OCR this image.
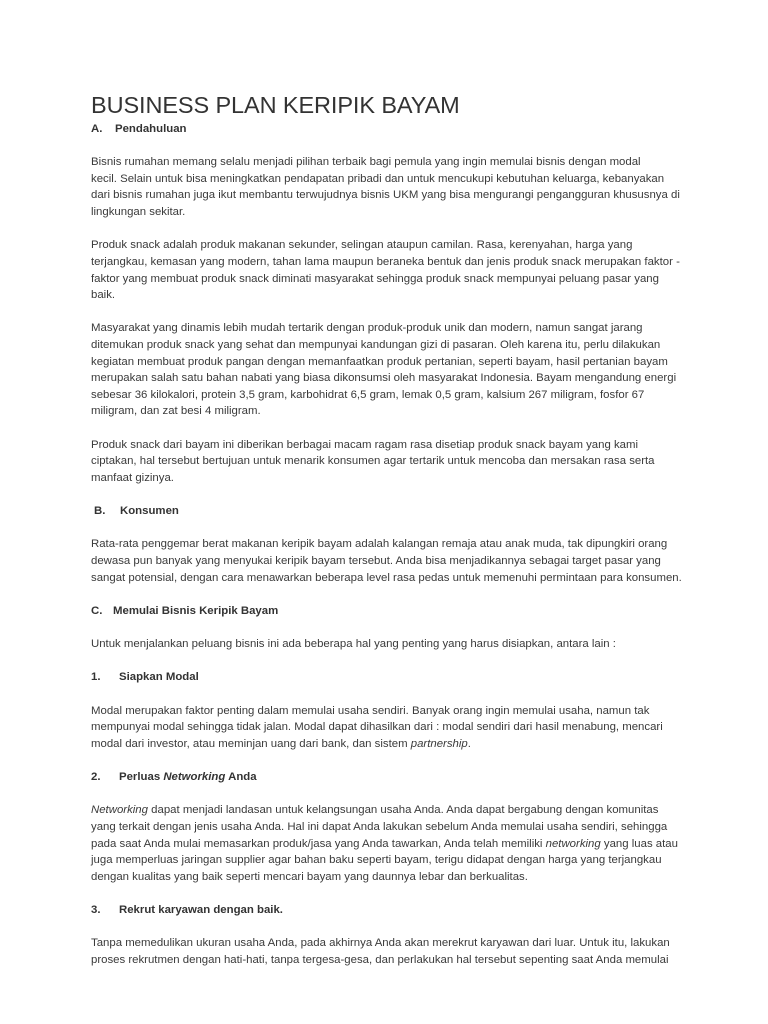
BUSINESS PLAN KERIPIK BAYAM

A. Pendahuluan

Bisnis rumahan memang selalu menjadi pilihan terbaik bagi pemula yang ingin memulai bisnis dengan modal
kecil. Selain untuk bisa meningkatkan pendapatan pribadi dan untuk mencukupi kebutuhan keluarga, kebanyakan
dari bisnis rumahan juga ikut membantu terwujudnya bisnis UKM yang bisa mengurangi pengangguran khususnya di
lingkungan sekitar.

Produk snack adalah produk makanan sekunder, selingan ataupun camilan. Rasa, kerenyahan, harga yang
terjangkau, kemasan yang modern, tahan lama maupun beraneka bentuk dan jenis produk snack merupakan faktor -
faktor yang membuat produk snack diminati masyarakat sehingga produk snack mempunyai peluang pasar yang
baik.

Masyarakat yang dinamis lebih mudah tertarik dengan produk-produk unik dan modern, namun sangat jarang
ditemukan produk snack yang sehat dan mempunyai kandungan gizi di pasaran. Oleh karena itu, perlu dilakukan
kegiatan membuat produk pangan dengan memanfaatkan produk pertanian, seperti bayam, hasil pertanian bayam
merupakan salah satu bahan nabati yang biasa dikonsumsi oleh masyarakat Indonesia. Bayam mengandung energi
sebesar 36 kilokalori, protein 3,5 gram, karbohidrat 6,5 gram, lemak 0,5 gram, kalsium 267 miligram, fosfor 67
miligram, dan zat besi 4 miligram.

Produk snack dari bayam ini diberikan berbagai macam ragam rasa disetiap produk snack bayam yang kami
ciptakan, hal tersebut bertujuan untuk menarik konsumen agar tertarik untuk mencoba dan mersakan rasa serta
manfaat gizinya.

B. Konsumen

Rata-rata penggemar berat makanan keripik bayam adalah kalangan remaja atau anak muda, tak dipungkiri orang
dewasa pun banyak yang menyukai keripik bayam tersebut. Anda bisa menjadikannya sebagai target pasar yang
sangat potensial, dengan cara menawarkan beberapa level rasa pedas untuk memenuhi permintaan para konsumen.

C. Memulai Bisnis Keripik Bayam

Untuk menjalankan peluang bisnis ini ada beberapa hal yang penting yang harus disiapkan, antara lain :

1. Siapkan Modal

Modal merupakan faktor penting dalam memulai usaha sendiri. Banyak orang ingin memulai usaha, namun tak
mempunyai modal sehingga tidak jalan. Modal dapat dihasilkan dari : modal sendiri dari hasil menabung, mencari
modal dari investor, atau meminjan uang dari bank, dan sistem partnership.

2. Perluas Networking Anda

Networking dapat menjadi landasan untuk kelangsungan usaha Anda. Anda dapat bergabung dengan komunitas
yang terkait dengan jenis usaha Anda. Hal ini dapat Anda lakukan sebelum Anda memulai usaha sendiri, sehingga
pada saat Anda mulai memasarkan produk/jasa yang Anda tawarkan, Anda telah memiliki networking yang luas atau
juga memperluas jaringan supplier agar bahan baku seperti bayam, terigu didapat dengan harga yang terjangkau
dengan kualitas yang baik seperti mencari bayam yang daunnya lebar dan berkualitas.

3. Rekrut karyawan dengan baik.

Tanpa memedulikan ukuran usaha Anda, pada akhirnya Anda akan merekrut karyawan dari luar. Untuk itu, lakukan
proses rekrutmen dengan hati-hati, tanpa tergesa-gesa, dan perlakukan hal tersebut sepenting saat Anda memulai
